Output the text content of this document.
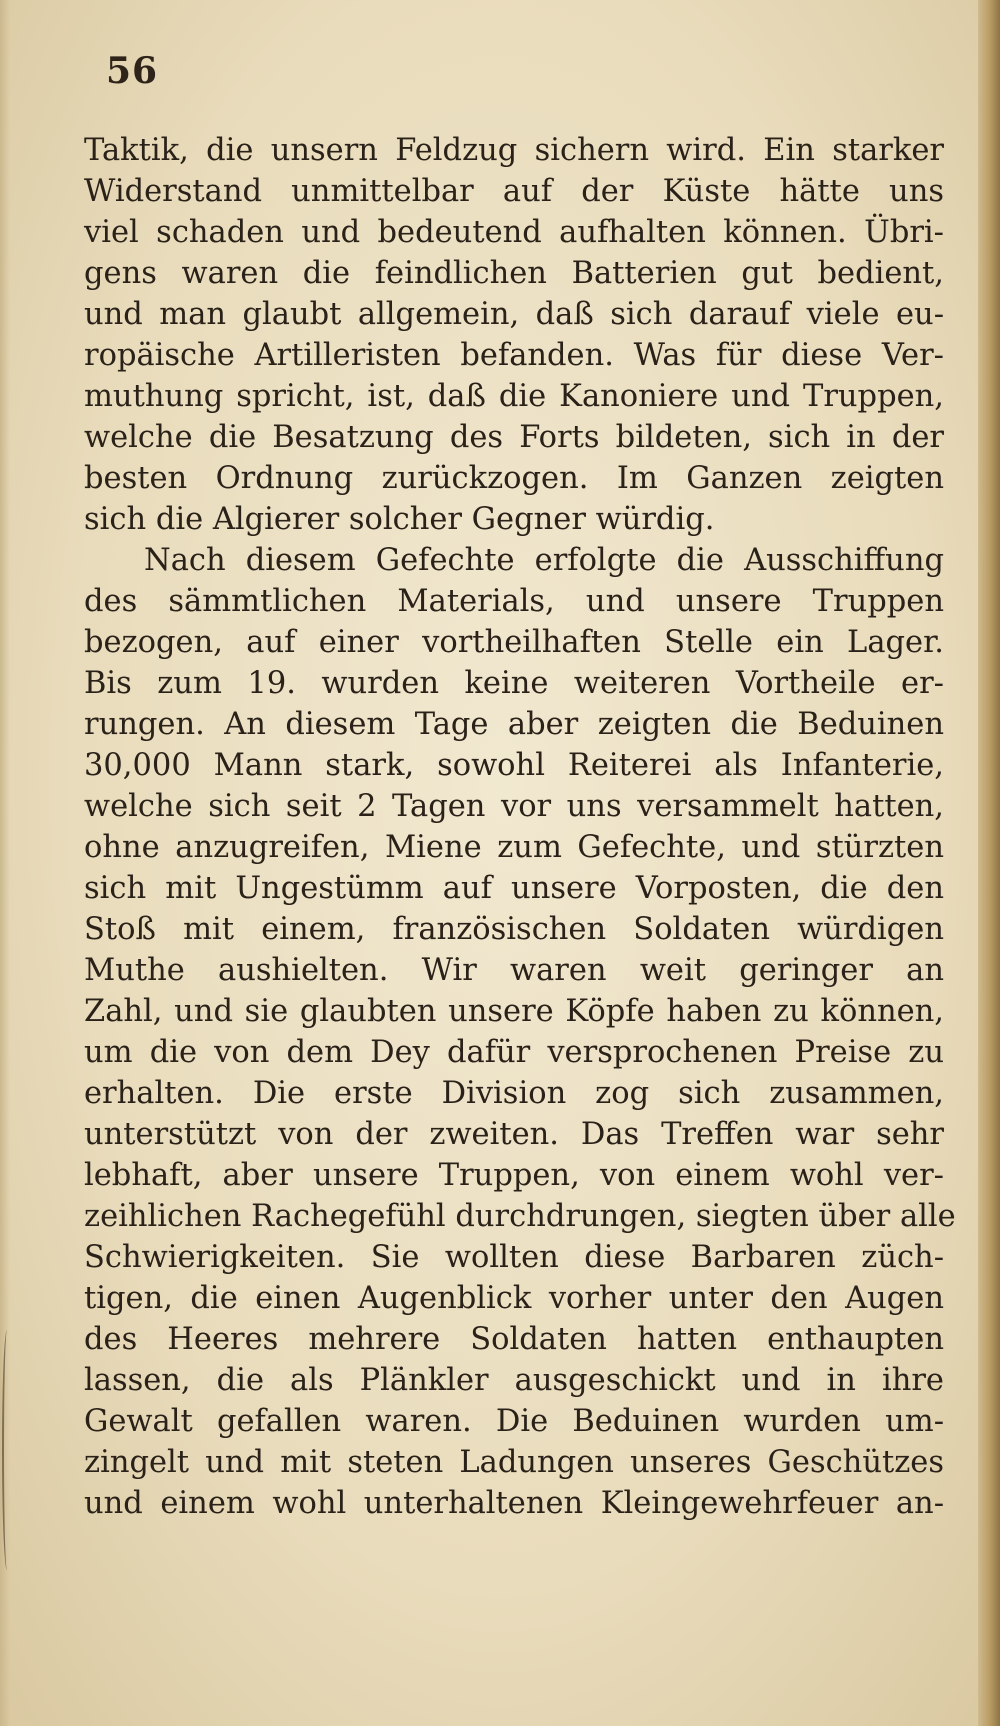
56
Taktik, die unsern Feldzug sichern wird. Ein starker
Widerstand unmittelbar auf der Küste hätte uns
viel schaden und bedeutend aufhalten können. Übri-
gens waren die feindlichen Batterien gut bedient,
und man glaubt allgemein, daß sich darauf viele eu-
ropäische Artilleristen befanden. Was für diese Ver-
muthung spricht, ist, daß die Kanoniere und Truppen,
welche die Besatzung des Forts bildeten, sich in der
besten Ordnung zurückzogen. Im Ganzen zeigten
sich die Algierer solcher Gegner würdig.
Nach diesem Gefechte erfolgte die Ausschiffung
des sämmtlichen Materials, und unsere Truppen
bezogen, auf einer vortheilhaften Stelle ein Lager.
Bis zum 19. wurden keine weiteren Vortheile er-
rungen. An diesem Tage aber zeigten die Beduinen
30,000 Mann stark, sowohl Reiterei als Infanterie,
welche sich seit 2 Tagen vor uns versammelt hatten,
ohne anzugreifen, Miene zum Gefechte, und stürzten
sich mit Ungestümm auf unsere Vorposten, die den
Stoß mit einem, französischen Soldaten würdigen
Muthe aushielten. Wir waren weit geringer an
Zahl, und sie glaubten unsere Köpfe haben zu können,
um die von dem Dey dafür versprochenen Preise zu
erhalten. Die erste Division zog sich zusammen,
unterstützt von der zweiten. Das Treffen war sehr
lebhaft, aber unsere Truppen, von einem wohl ver-
zeihlichen Rachegefühl durchdrungen, siegten über alle
Schwierigkeiten. Sie wollten diese Barbaren züch-
tigen, die einen Augenblick vorher unter den Augen
des Heeres mehrere Soldaten hatten enthaupten
lassen, die als Plänkler ausgeschickt und in ihre
Gewalt gefallen waren. Die Beduinen wurden um-
zingelt und mit steten Ladungen unseres Geschützes
und einem wohl unterhaltenen Kleingewehrfeuer an-
